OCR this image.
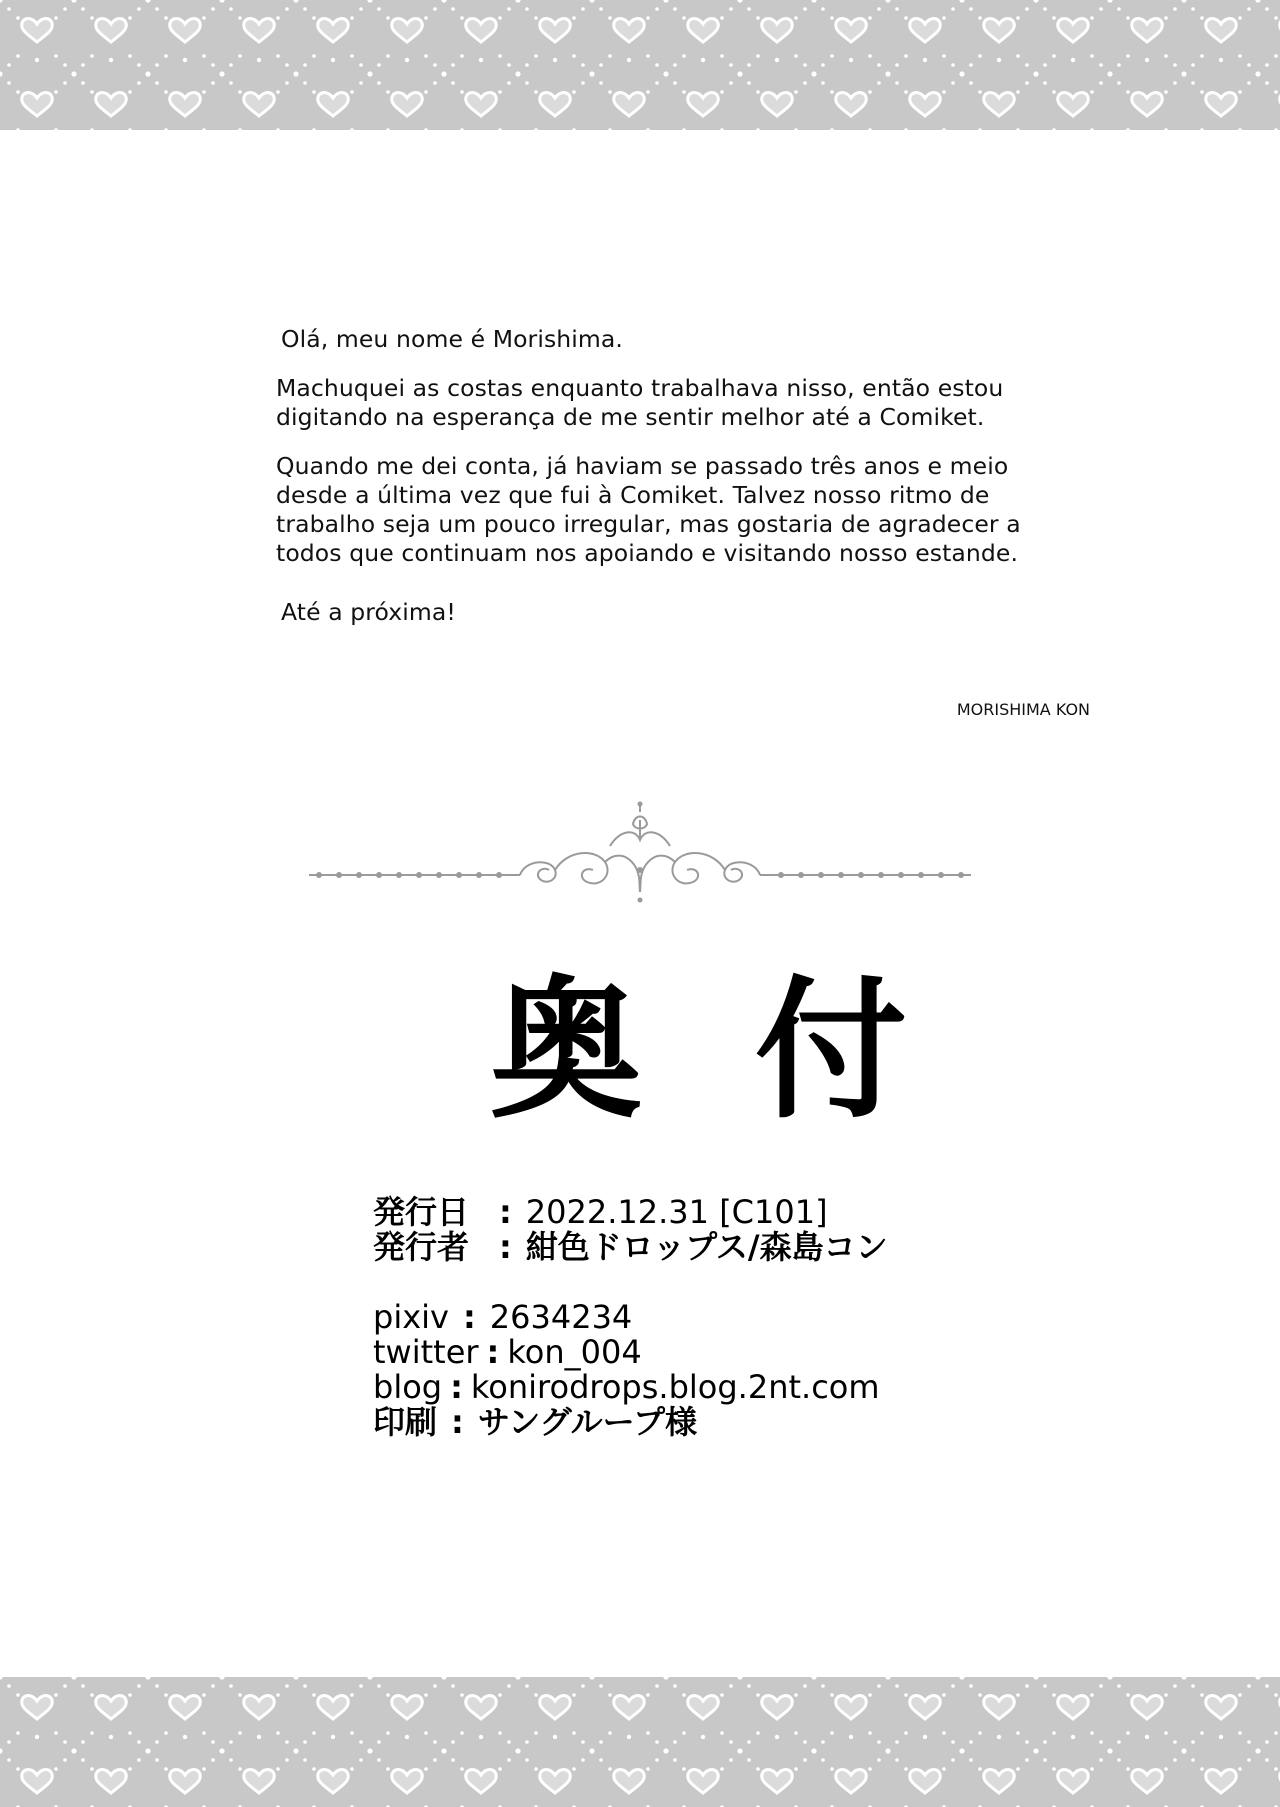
Olá, meu nome é Morishima.

Machuquei as costas enquanto trabalhava nisso, então estou
digitando na esperança de me sentir melhor até a Comiket.

Quando me dei conta, já haviam se passado três anos e meio
desde a última vez que fui à Comiket. Talvez nosso ritmo de
trabalho seja um pouco irregular, mas gostaria de agradecer a
todos que continuam nos apoiando e visitando nosso estande.

Até a próxima!

MORISHIMA KON
奥 付
発行日 : 2022.12.31 [C101]
発行者 : 紺色ドロップス/森島コン
pixiv : 2634234
twitter : kon_004
blog : konirodrops.blog.2nt.com
印刷 : サングループ様
